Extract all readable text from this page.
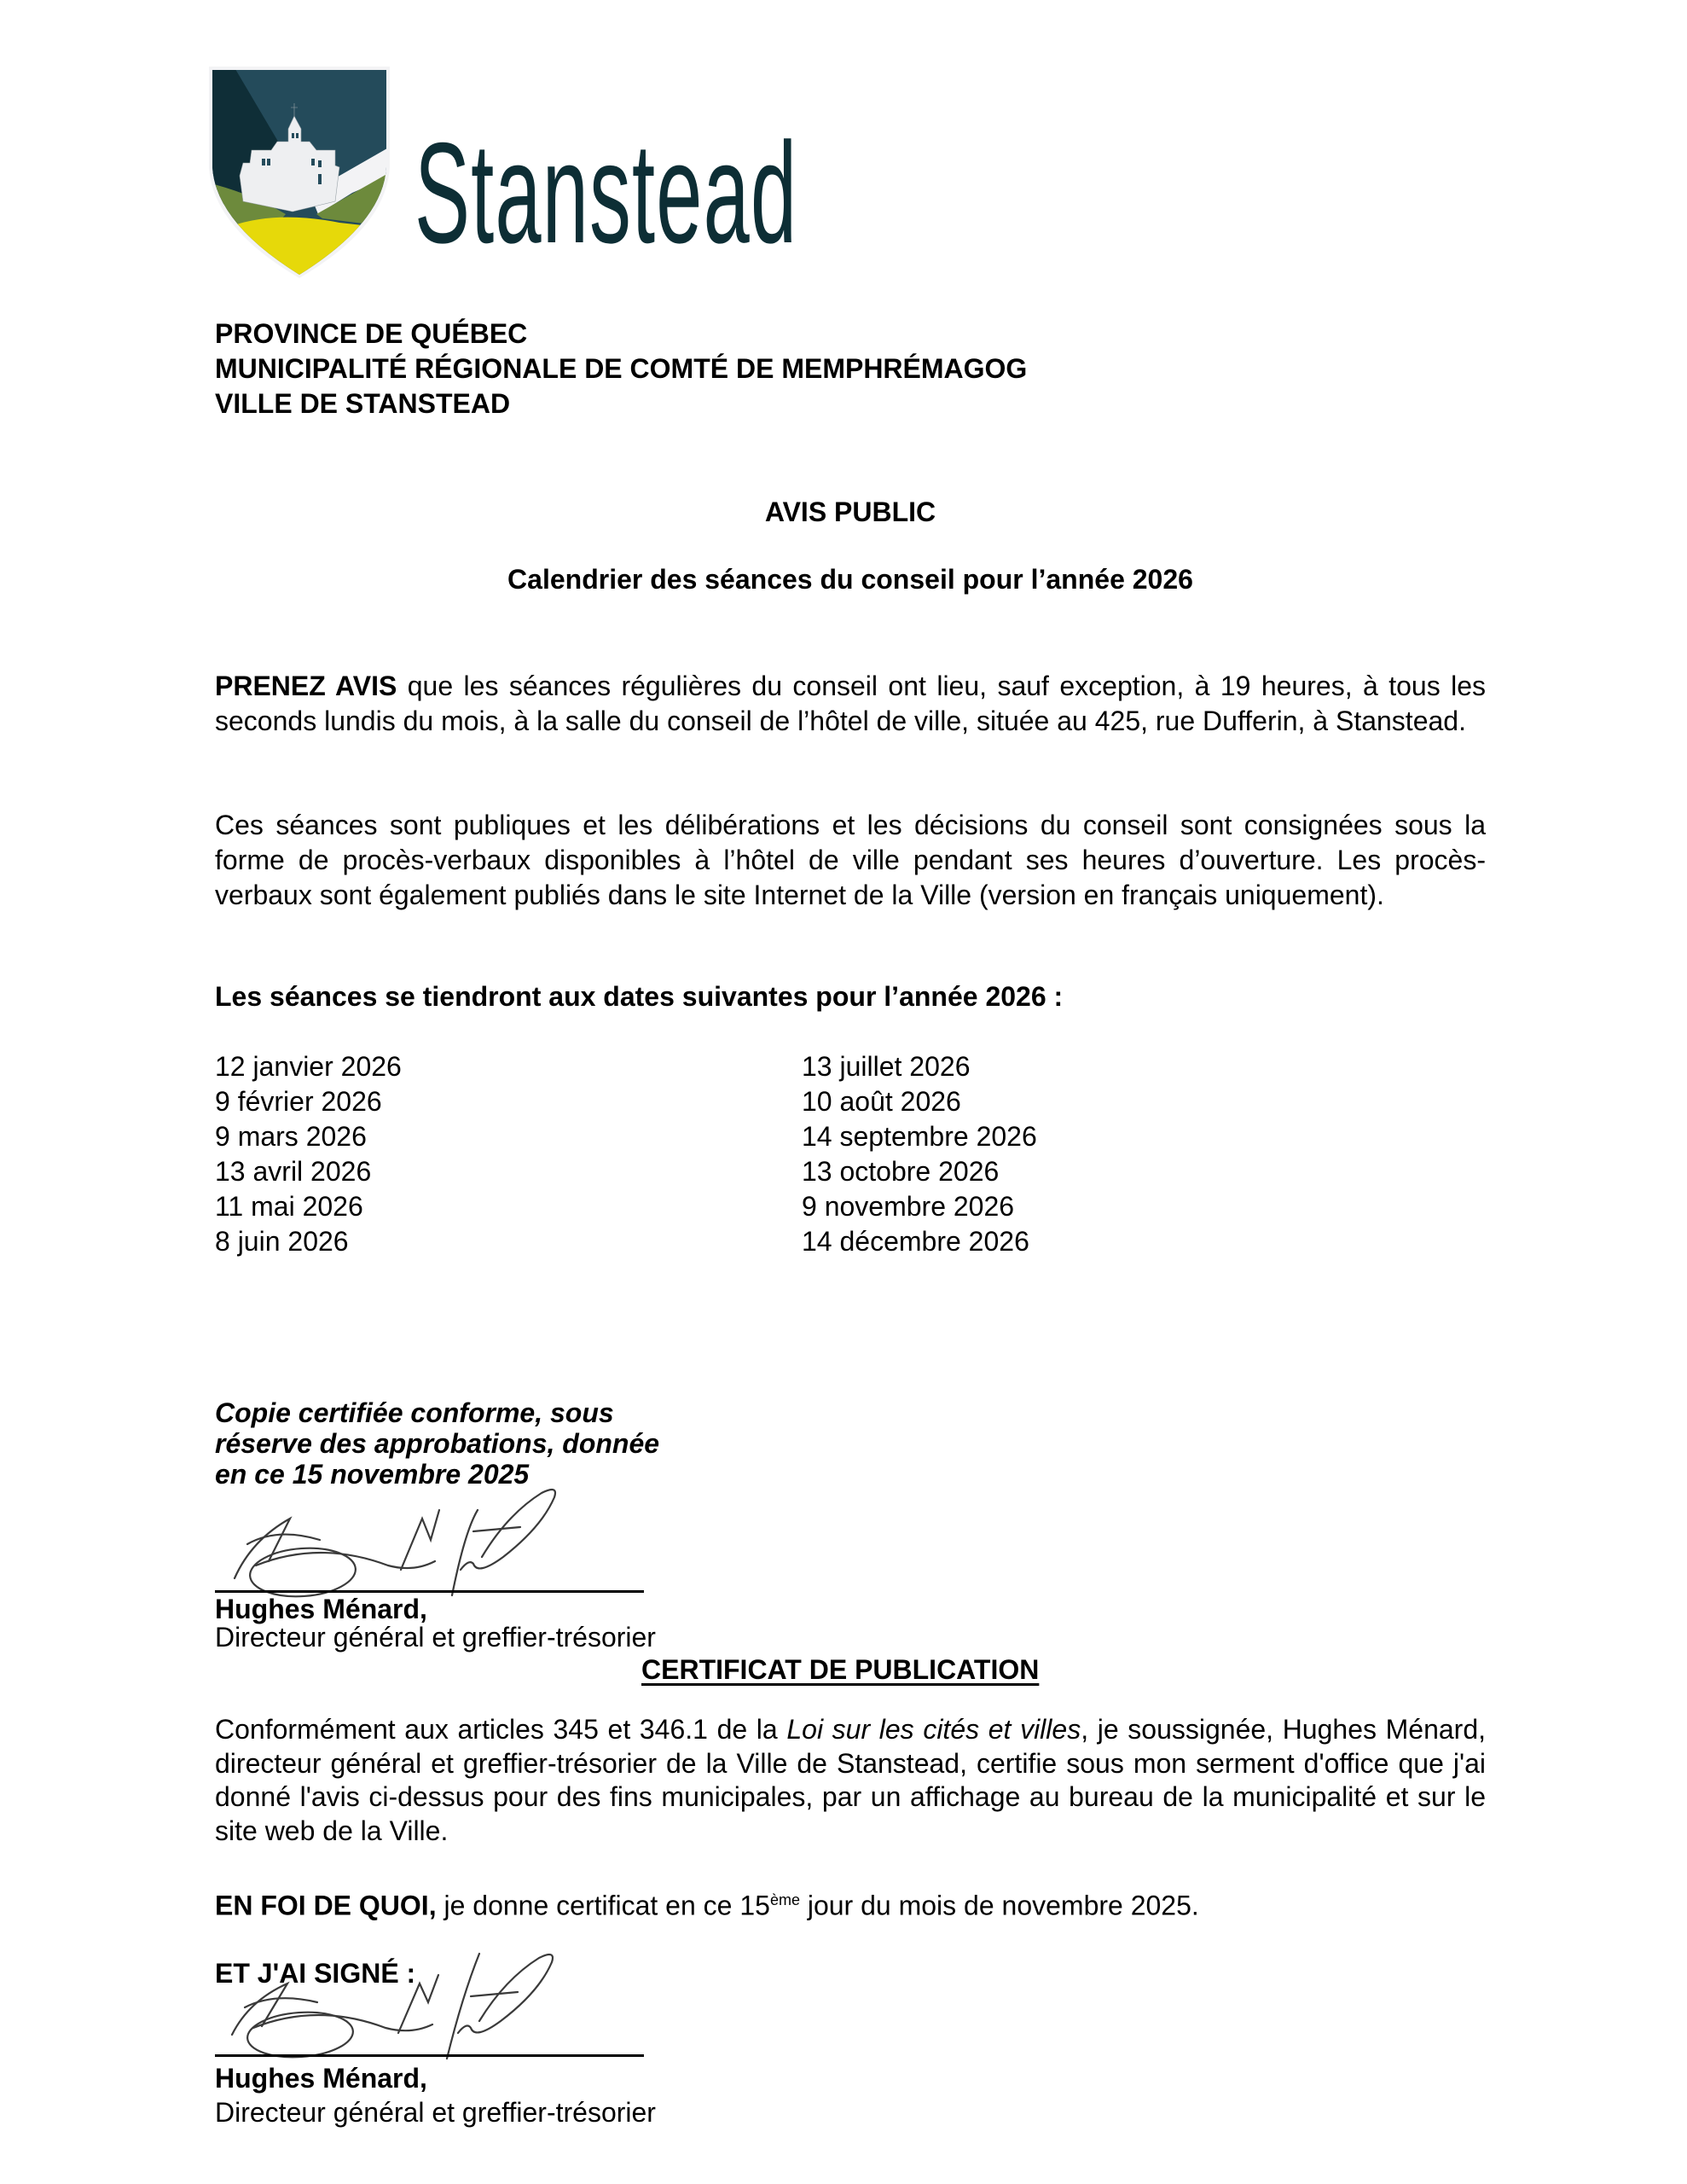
Stanstead
PROVINCE DE QUÉBEC
MUNICIPALITÉ RÉGIONALE DE COMTÉ DE MEMPHRÉMAGOG
VILLE DE STANSTEAD
AVIS PUBLIC
Calendrier des séances du conseil pour l’année 2026

PRENEZ AVIS que les séances régulières du conseil ont lieu, sauf exception, à 19 heures, à tous les seconds lundis du mois, à la salle du conseil de l’hôtel de ville, située au 425, rue Dufferin, à Stanstead.

Ces séances sont publiques et les délibérations et les décisions du conseil sont consignées sous la forme de procès-verbaux disponibles à l’hôtel de ville pendant ses heures d’ouverture. Les procès-verbaux sont également publiés dans le site Internet de la Ville (version en français uniquement).

Les séances se tiendront aux dates suivantes pour l’année 2026 :
12 janvier 2026
9 février 2026
9 mars 2026
13 avril 2026
11 mai 2026
8 juin 2026
13 juillet 2026
10 août 2026
14 septembre 2026
13 octobre 2026
9 novembre 2026
14 décembre 2026
Copie certifiée conforme, sous
réserve des approbations, donnée
en ce 15 novembre 2025
Hughes Ménard,
Directeur général et greffier-trésorier
CERTIFICAT DE PUBLICATION

Conformément aux articles 345 et 346.1 de la Loi sur les cités et villes, je soussignée, Hughes Ménard, directeur général et greffier-trésorier de la Ville de Stanstead, certifie sous mon serment d'office que j'ai donné l'avis ci-dessus pour des fins municipales, par un affichage au bureau de la municipalité et sur le site web de la Ville.

EN FOI DE QUOI, je donne certificat en ce 15ème jour du mois de novembre 2025.
ET J'AI SIGNÉ :
Hughes Ménard,
Directeur général et greffier-trésorier
